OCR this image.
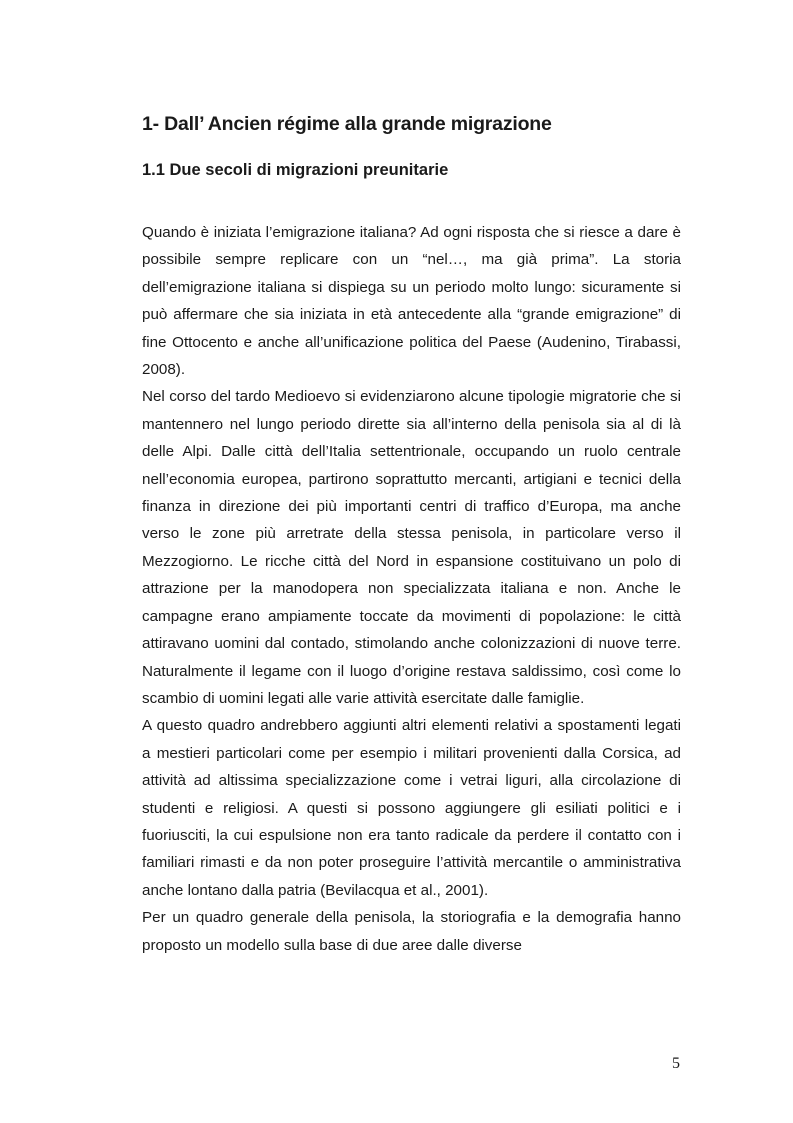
1- Dall’ Ancien régime alla grande migrazione
1.1 Due secoli di migrazioni preunitarie

Quando è iniziata l’emigrazione italiana? Ad ogni risposta che si riesce a dare è possibile sempre replicare con un “nel…, ma già prima”. La storia dell’emigrazione italiana si dispiega su un periodo molto lungo: sicuramente si può affermare che sia iniziata in età antecedente alla “grande emigrazione” di fine Ottocento e anche all’unificazione politica del Paese (Audenino, Tirabassi, 2008).

Nel corso del tardo Medioevo si evidenziarono alcune tipologie migratorie che si mantennero nel lungo periodo dirette sia all’interno della penisola sia al di là delle Alpi. Dalle città dell’Italia settentrionale, occupando un ruolo centrale nell’economia europea, partirono soprattutto mercanti, artigiani e tecnici della finanza in direzione dei più importanti centri di traffico d’Europa, ma anche verso le zone più arretrate della stessa penisola, in particolare verso il Mezzogiorno. Le ricche città del Nord in espansione costituivano un polo di attrazione per la manodopera non specializzata italiana e non. Anche le campagne erano ampiamente toccate da movimenti di popolazione: le città attiravano uomini dal contado, stimolando anche colonizzazioni di nuove terre. Naturalmente il legame con il luogo d’origine restava saldissimo, così come lo scambio di uomini legati alle varie attività esercitate dalle famiglie.

A questo quadro andrebbero aggiunti altri elementi relativi a spostamenti legati a mestieri particolari come per esempio i militari provenienti dalla Corsica, ad attività ad altissima specializzazione come i vetrai liguri, alla circolazione di studenti e religiosi. A questi si possono aggiungere gli esiliati politici e i fuoriusciti, la cui espulsione non era tanto radicale da perdere il contatto con i familiari rimasti e da non poter proseguire l’attività mercantile o amministrativa anche lontano dalla patria (Bevilacqua et al., 2001).

Per un quadro generale della penisola, la storiografia e la demografia hanno proposto un modello sulla base di due aree dalle diverse

5
